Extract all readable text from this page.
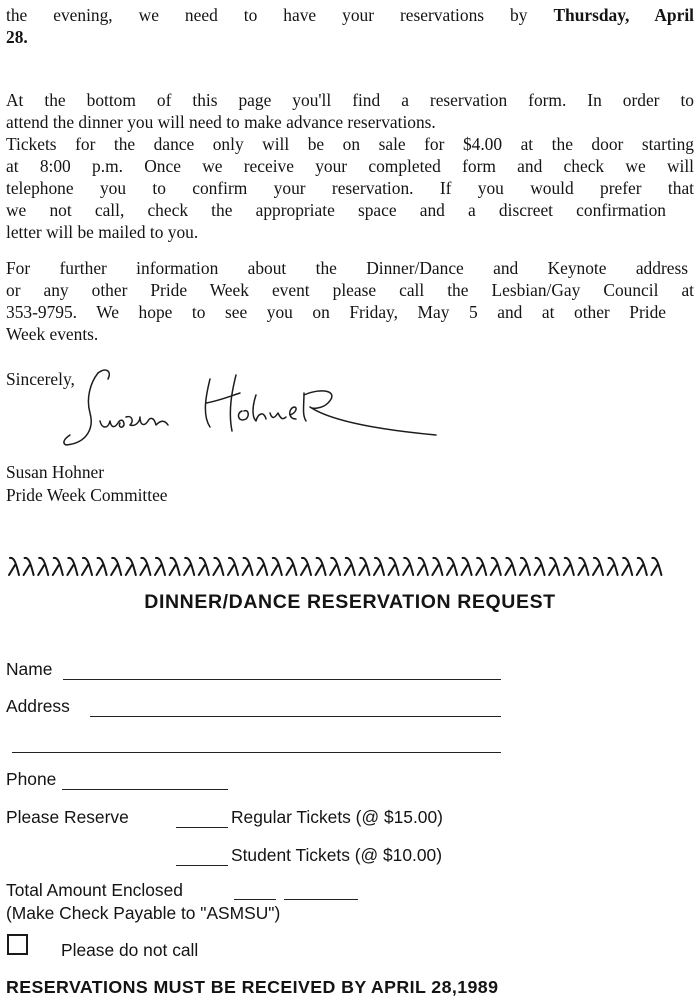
the evening, we need to have your reservations by Thursday, April
28.
At the bottom of this page you'll find a reservation form. In order to
attend the dinner you will need to make advance reservations.
Tickets for the dance only will be on sale for $4.00 at the door starting
at 8:00 p.m. Once we receive your completed form and check we will
telephone you to confirm your reservation. If you would prefer that
we not call, check the appropriate space and a discreet confirmation
letter will be mailed to you.
For further information about the Dinner/Dance and Keynote address
or any other Pride Week event please call the Lesbian/Gay Council at
353-9795. We hope to see you on Friday, May 5 and at other Pride
Week events.
Sincerely,
Susan Hohner
Pride Week Committee
DINNER/DANCE RESERVATION REQUEST
Name
Address
Phone
Please Reserve	Regular Tickets (@ $15.00)
Student Tickets (@ $10.00)
Total Amount Enclosed
(Make Check Payable to "ASMSU")
Please do not call
RESERVATIONS MUST BE RECEIVED BY APRIL 28,1989
